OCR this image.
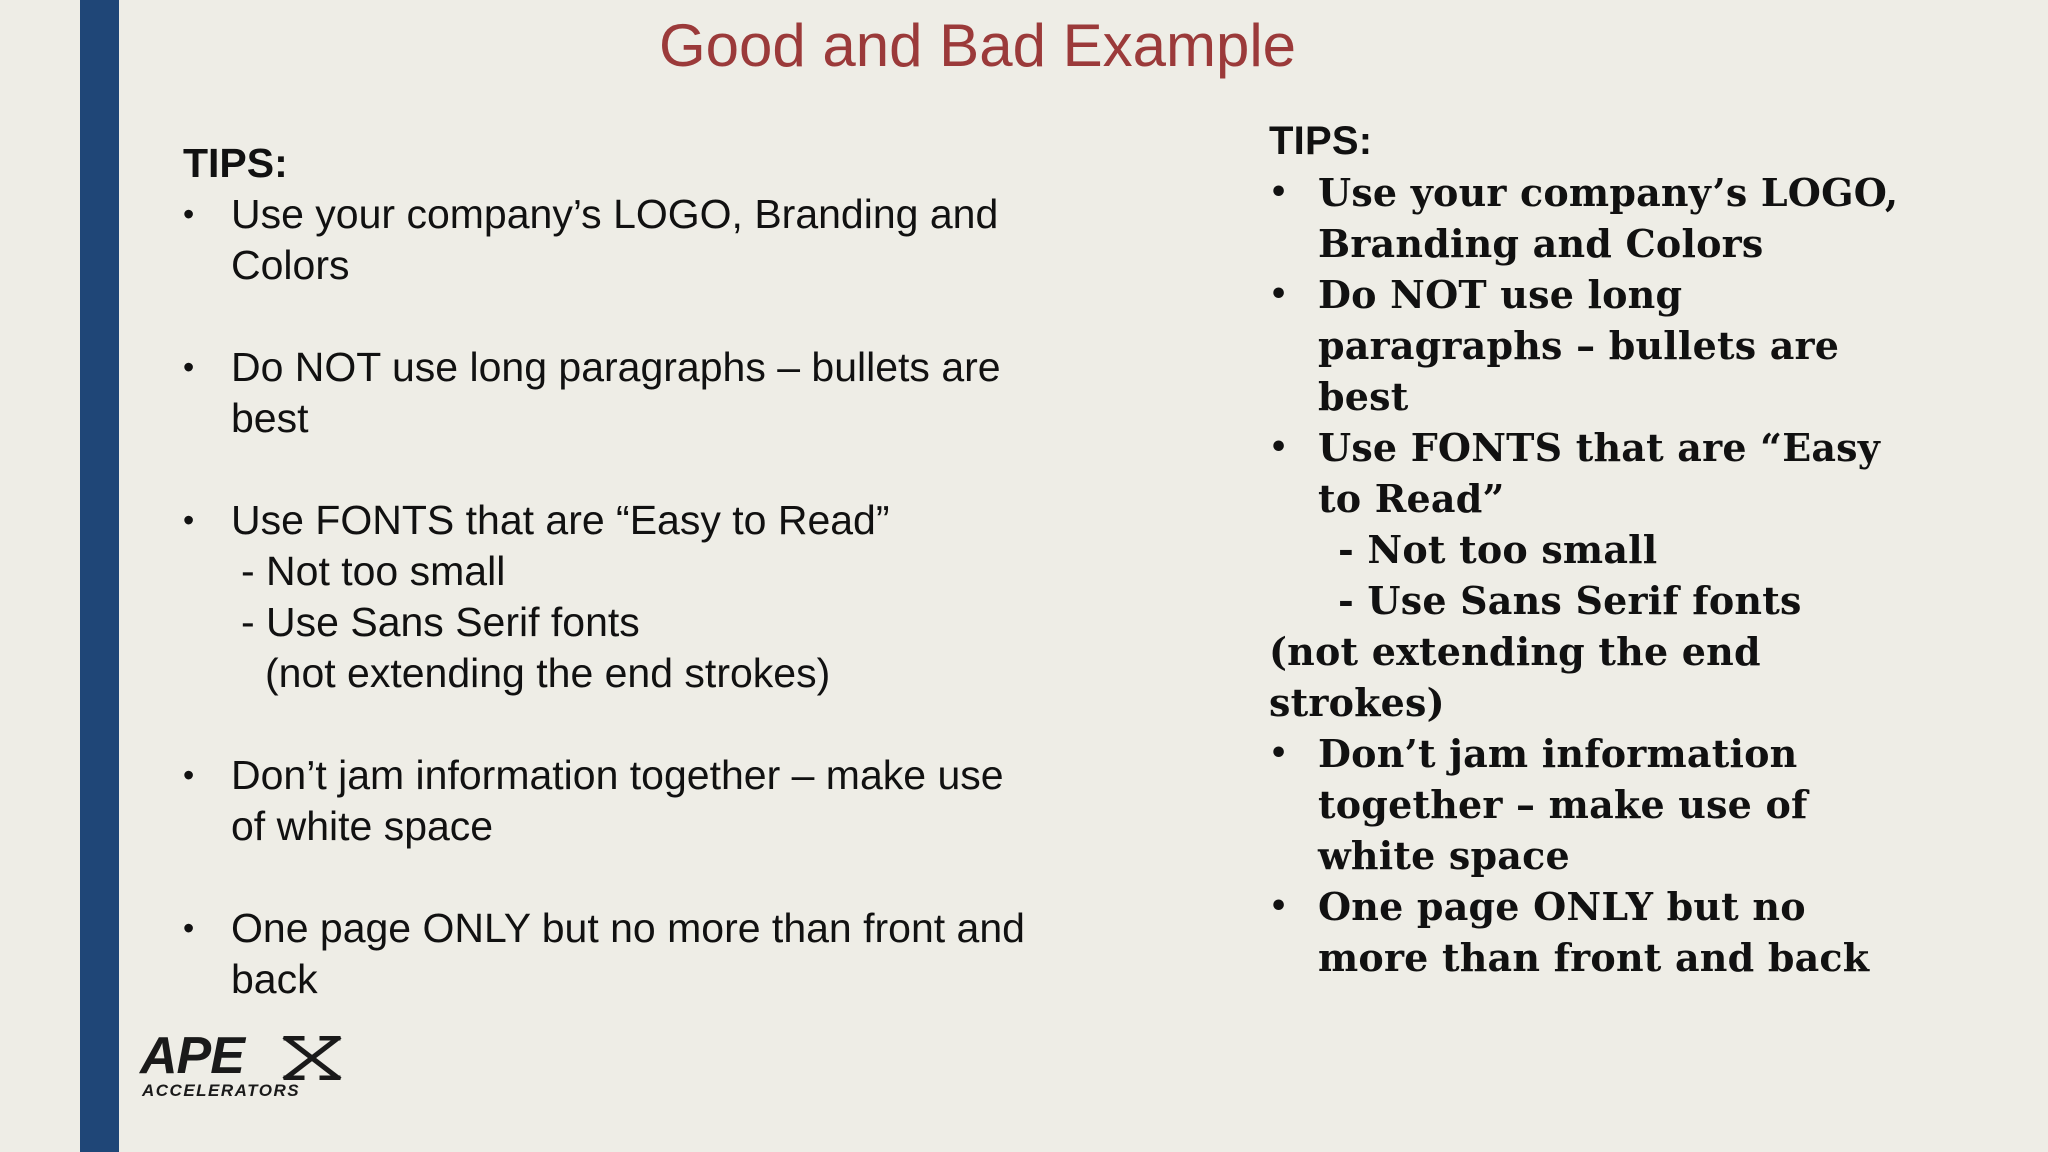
Good and Bad Example

TIPS:

• Use your company’s LOGO, Branding and Colors
• Do NOT use long paragraphs – bullets are best
• Use FONTS that are “Easy to Read”
- Not too small
- Use Sans Serif fonts
(not extending the end strokes)
• Don’t jam information together – make use of white space
• One page ONLY but no more than front and back

TIPS:

• Use your company’s LOGO, Branding and Colors
• Do NOT use long paragraphs – bullets are best
• Use FONTS that are “Easy to Read”
- Not too small
- Use Sans Serif fonts
(not extending the end strokes)
• Don’t jam information together – make use of white space
• One page ONLY but no more than front and back
APE
ACCELERATORS
